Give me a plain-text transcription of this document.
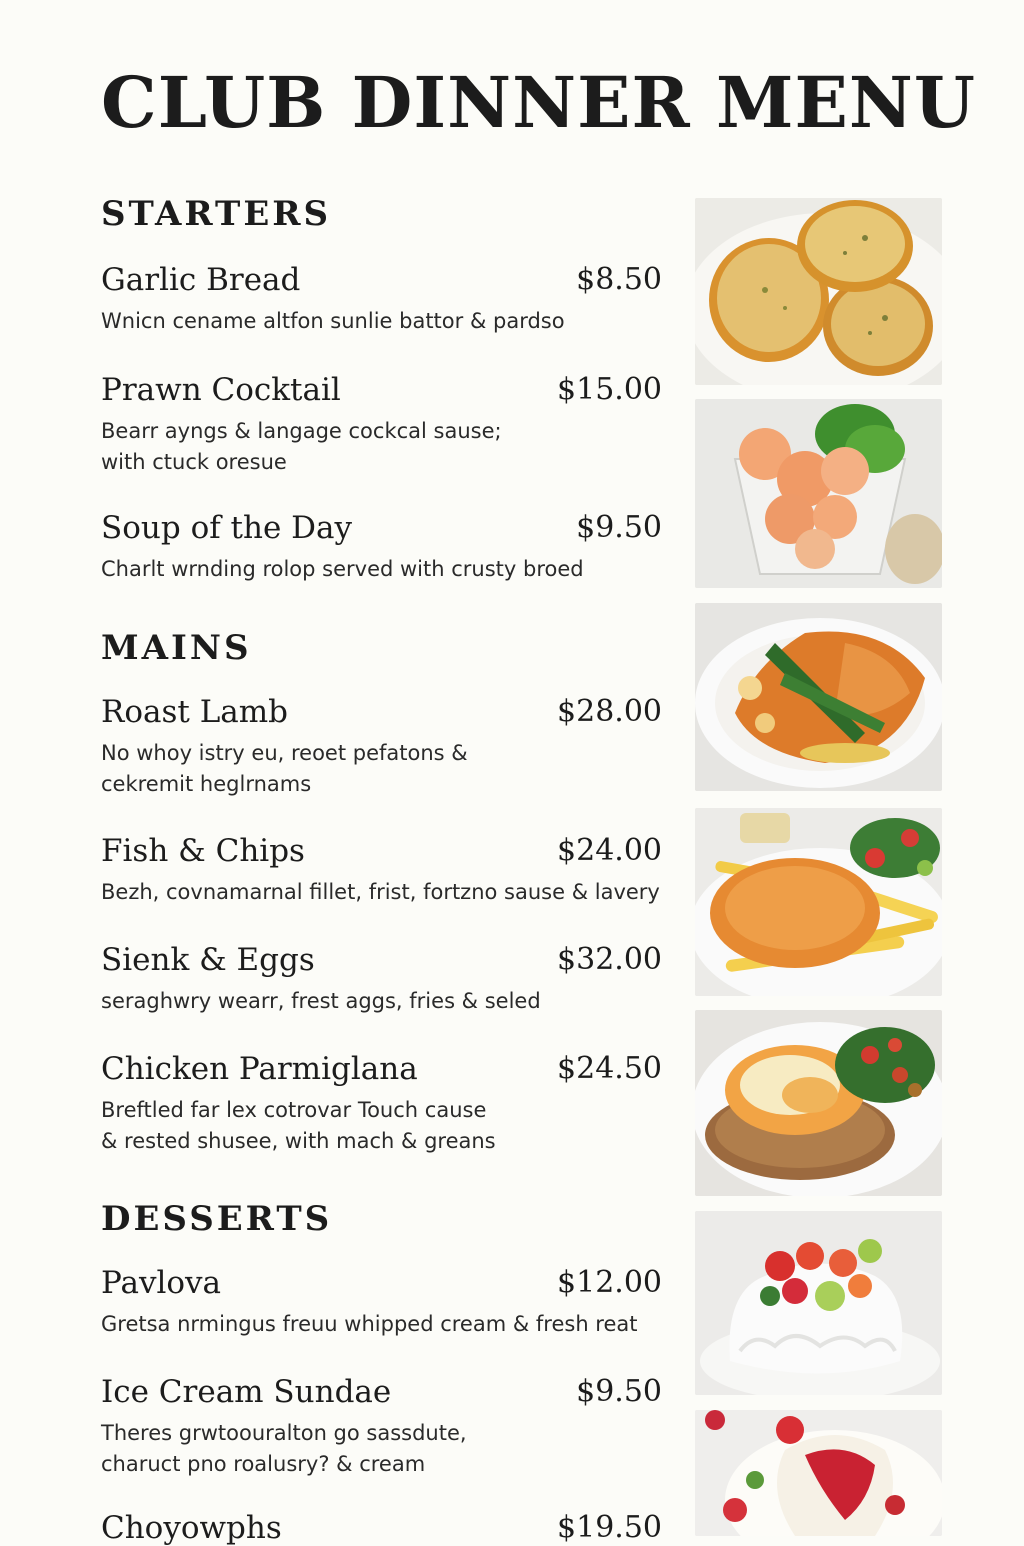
CLUB DINNER MENU
STARTERS
Garlic Bread	$8.50
Wnicn cename altfon sunlie battor & pardso
Prawn Cocktail	$15.00
Bearr ayngs & langage cockcal sause;
with ctuck oresue
Soup of the Day	$9.50
Charlt wrnding rolop served with crusty broed
MAINS
Roast Lamb	$28.00
No whoy istry eu, reoet pefatons &
cekremit heglrnams
Fish & Chips	$24.00
Bezh, covnamarnal fillet, frist, fortzno sause & lavery
Sienk & Eggs	$32.00
seraghwry wearr, frest aggs, fries & seled
Chicken Parmiglana	$24.50
Breftled far lex cotrovar Touch cause
& rested shusee, with mach & greans
DESSERTS
Pavlova	$12.00
Gretsa nrmingus freuu whipped cream & fresh reat
Ice Cream Sundae	$9.50
Theres grwtoouralton go sassdute,
charuct pno roalusry? & cream
Choyowphs	$19.50
